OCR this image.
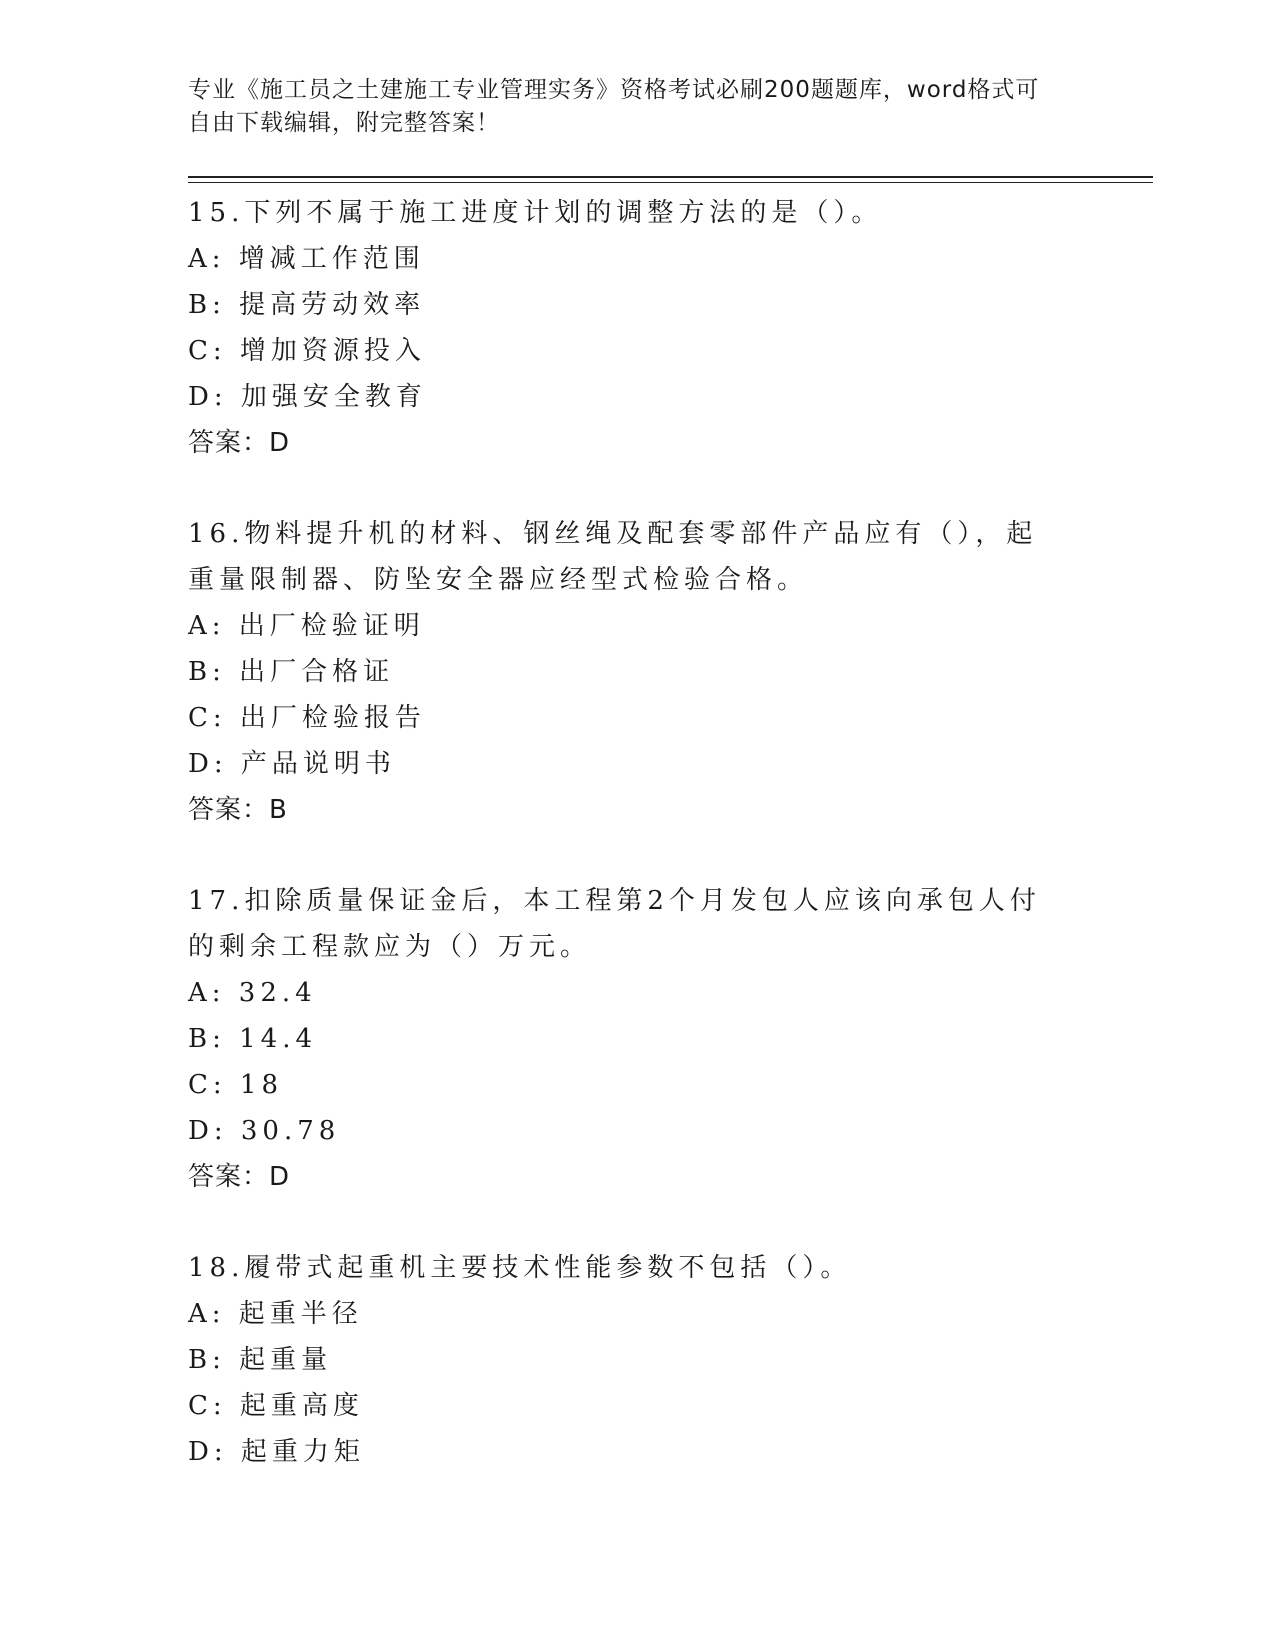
专业《施工员之土建施工专业管理实务》资格考试必刷200题题库，word格式可
自由下载编辑，附完整答案！
15.下列不属于施工进度计划的调整方法的是（）。
A: 增减工作范围
B: 提高劳动效率
C: 增加资源投入
D: 加强安全教育
答案：D
16.物料提升机的材料、钢丝绳及配套零部件产品应有（），起重量限制器、防坠安全器应经型式检验合格。
A: 出厂检验证明
B: 出厂合格证
C: 出厂检验报告
D: 产品说明书
答案：B
17.扣除质量保证金后，本工程第2个月发包人应该向承包人付的剩余工程款应为（）万元。
A: 32.4
B: 14.4
C: 18
D: 30.78
答案：D
18.履带式起重机主要技术性能参数不包括（）。
A: 起重半径
B: 起重量
C: 起重高度
D: 起重力矩
